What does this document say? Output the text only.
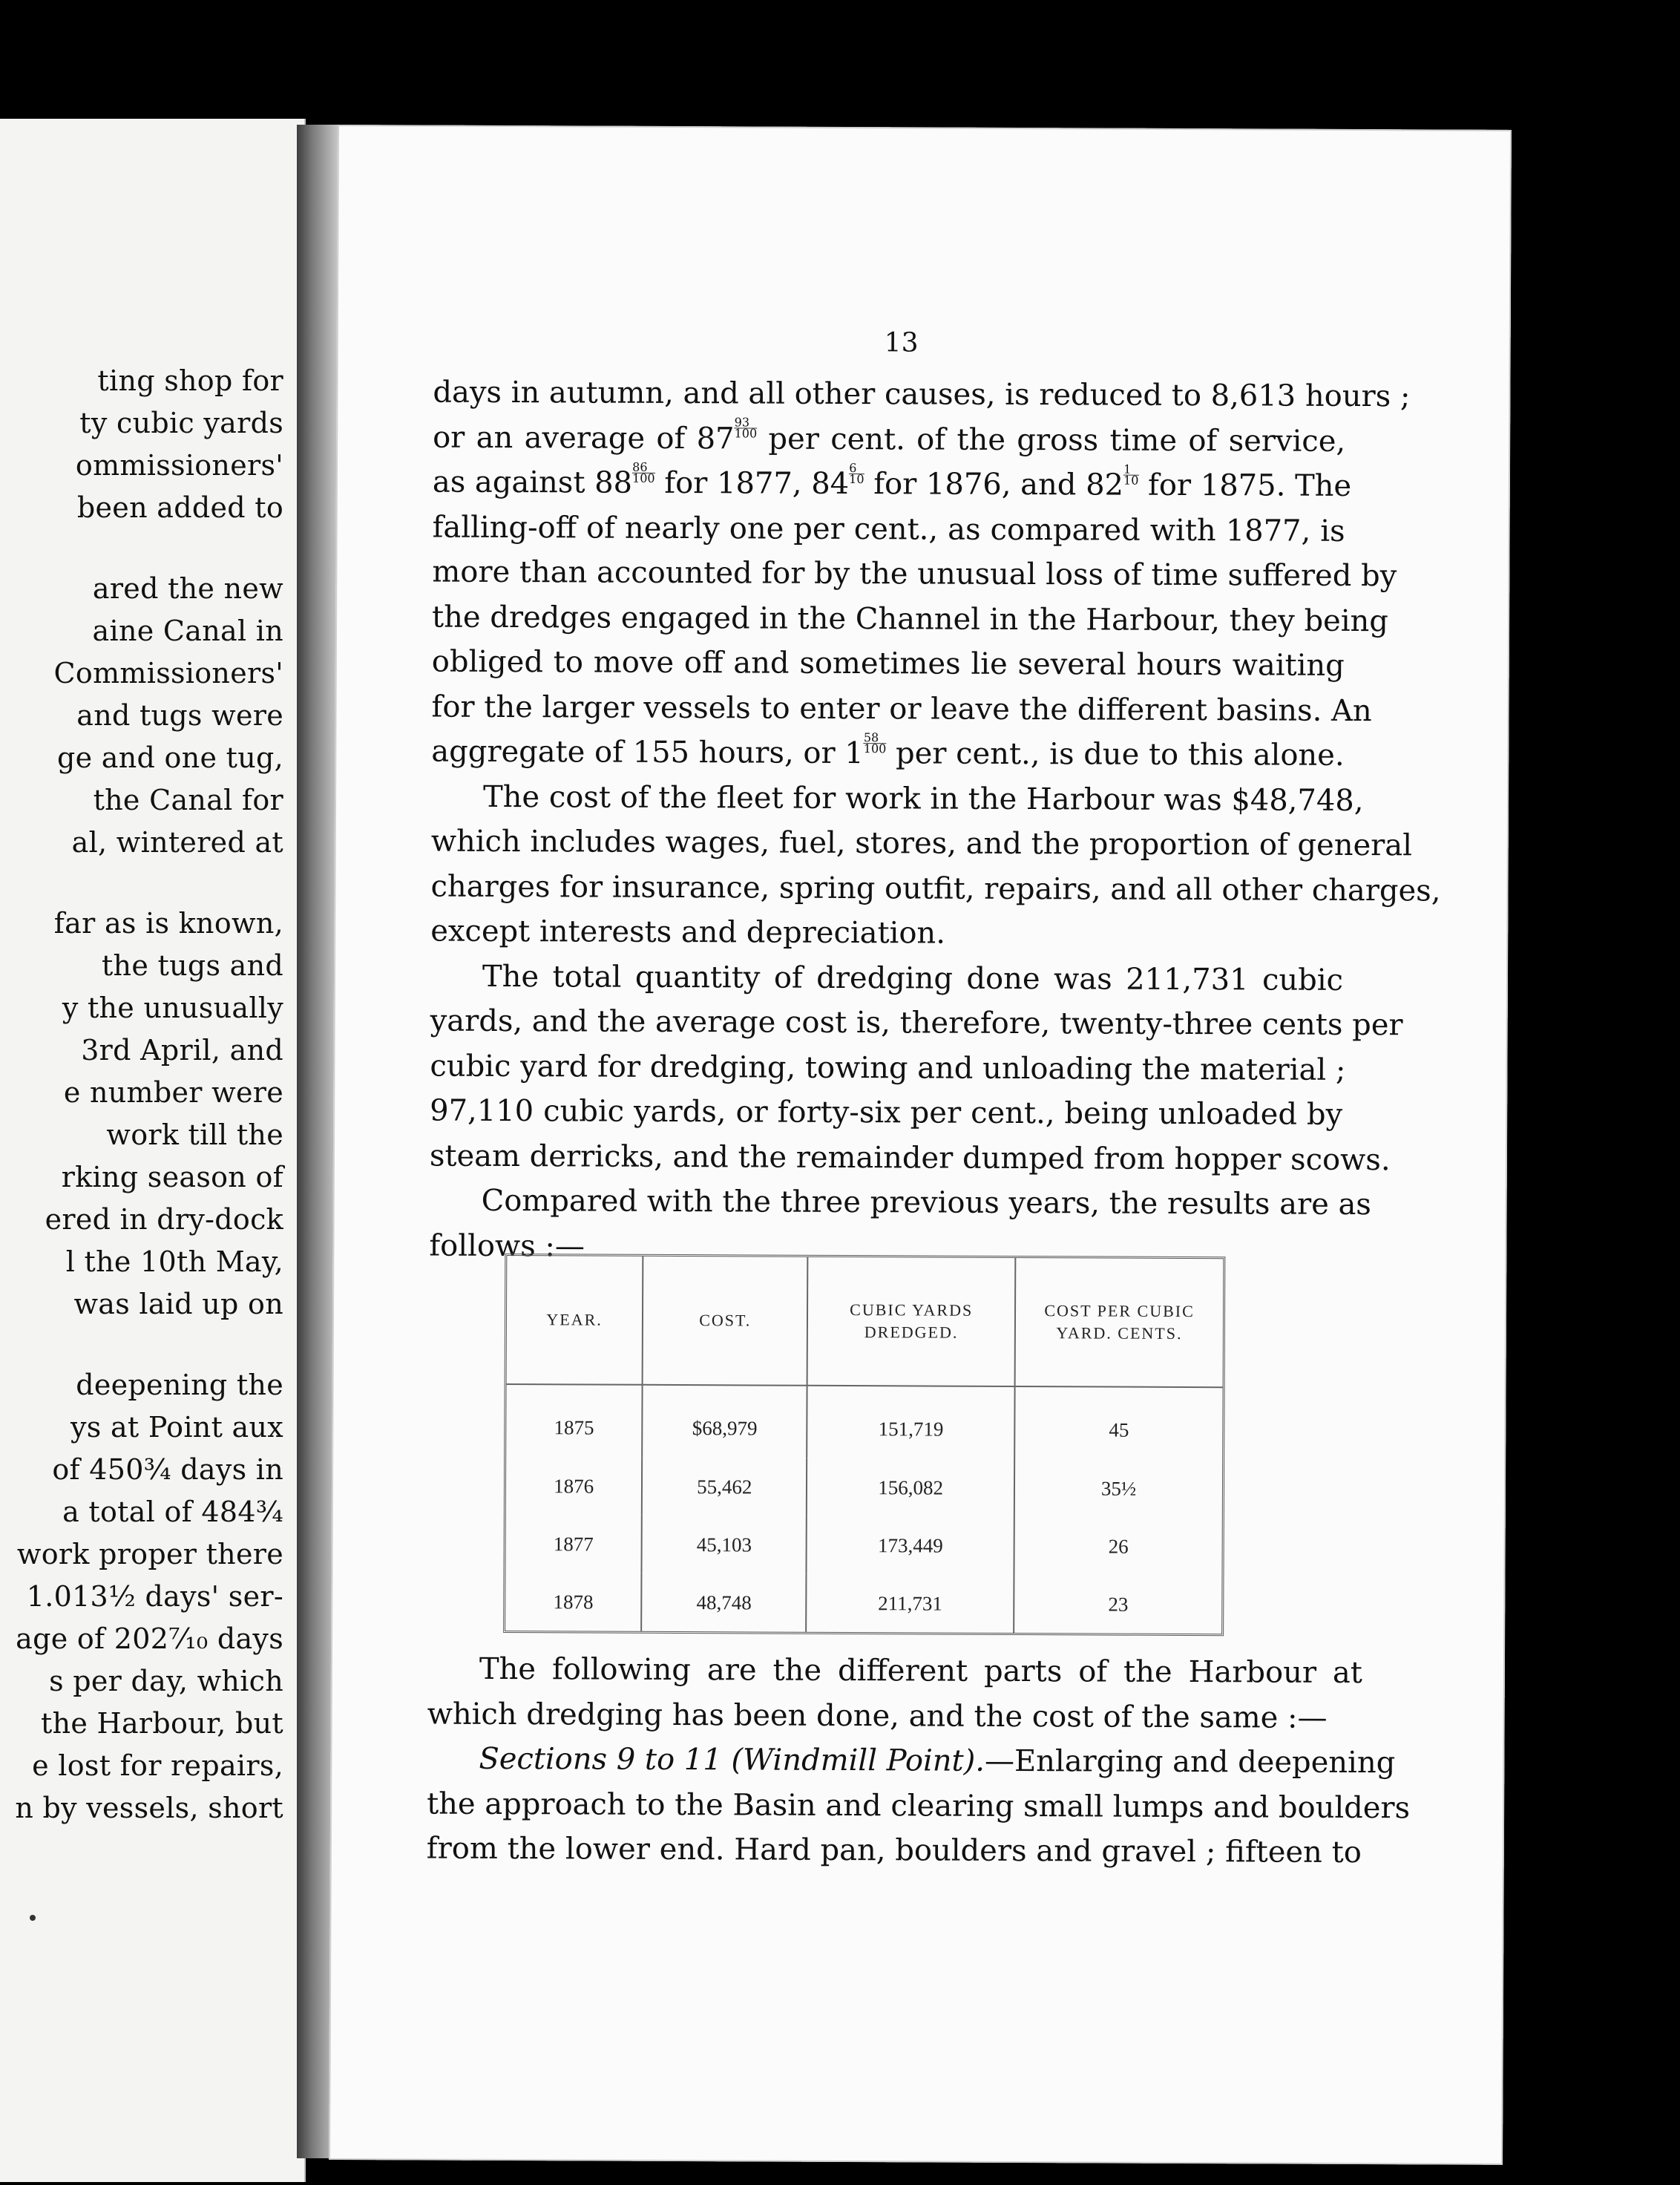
ting shop for
ty cubic yards
ommissioners'
been added to
ared the new
aine Canal in
Commissioners'
and tugs were
ge and one tug,
the Canal for
al, wintered at
far as is known,
the tugs and
y the unusually
3rd April, and
e number were
work till the
rking season of
ered in dry-dock
l the 10th May,
was laid up on
deepening the
ys at Point aux
of 450¾ days in
a total of 484¾
work proper there
1.013½ days' ser-
age of 202⁷⁄₁₀ days
s per day, which
the Harbour, but
e lost for repairs,
n by vessels, short
13

days in autumn, and all other causes, is reduced to 8,613 hours ;
or an average of $87 \frac{93}{100}$ per cent. of the gross time of service,
as against $88 \frac{86}{100}$ for 1877, $84 \frac{6}{10}$ for 1876, and $82 \frac{1}{10}$ for 1875. The
falling-off of nearly one per cent., as compared with 1877, is
more than accounted for by the unusual loss of time suffered by
the dredges engaged in the Channel in the Harbour, they being
obliged to move off and sometimes lie several hours waiting
for the larger vessels to enter or leave the different basins. An
aggregate of 155 hours, or $1 \frac{58}{100}$ per cent., is due to this alone.

The cost of the fleet for work in the Harbour was $48,748,
which includes wages, fuel, stores, and the proportion of general
charges for insurance, spring outfit, repairs, and all other charges,
except interests and depreciation.

The total quantity of dredging done was 211,731 cubic
yards, and the average cost is, therefore, twenty-three cents per
cubic yard for dredging, towing and unloading the material ;
97,110 cubic yards, or forty-six per cent., being unloaded by
steam derricks, and the remainder dumped from hopper scows.

Compared with the three previous years, the results are as
follows :—

YEAR.	COST.	CUBIC YARDS DREDGED.	COST PER CUBIC YARD. CENTS.
1875	$68,979	151,719	45
1876	55,462	156,082	35½
1877	45,103	173,449	26
1878	48,748	211,731	23

The following are the different parts of the Harbour at
which dredging has been done, and the cost of the same :—

Sections 9 to 11 (Windmill Point).—Enlarging and deepening
the approach to the Basin and clearing small lumps and boulders
from the lower end. Hard pan, boulders and gravel ; fifteen to
